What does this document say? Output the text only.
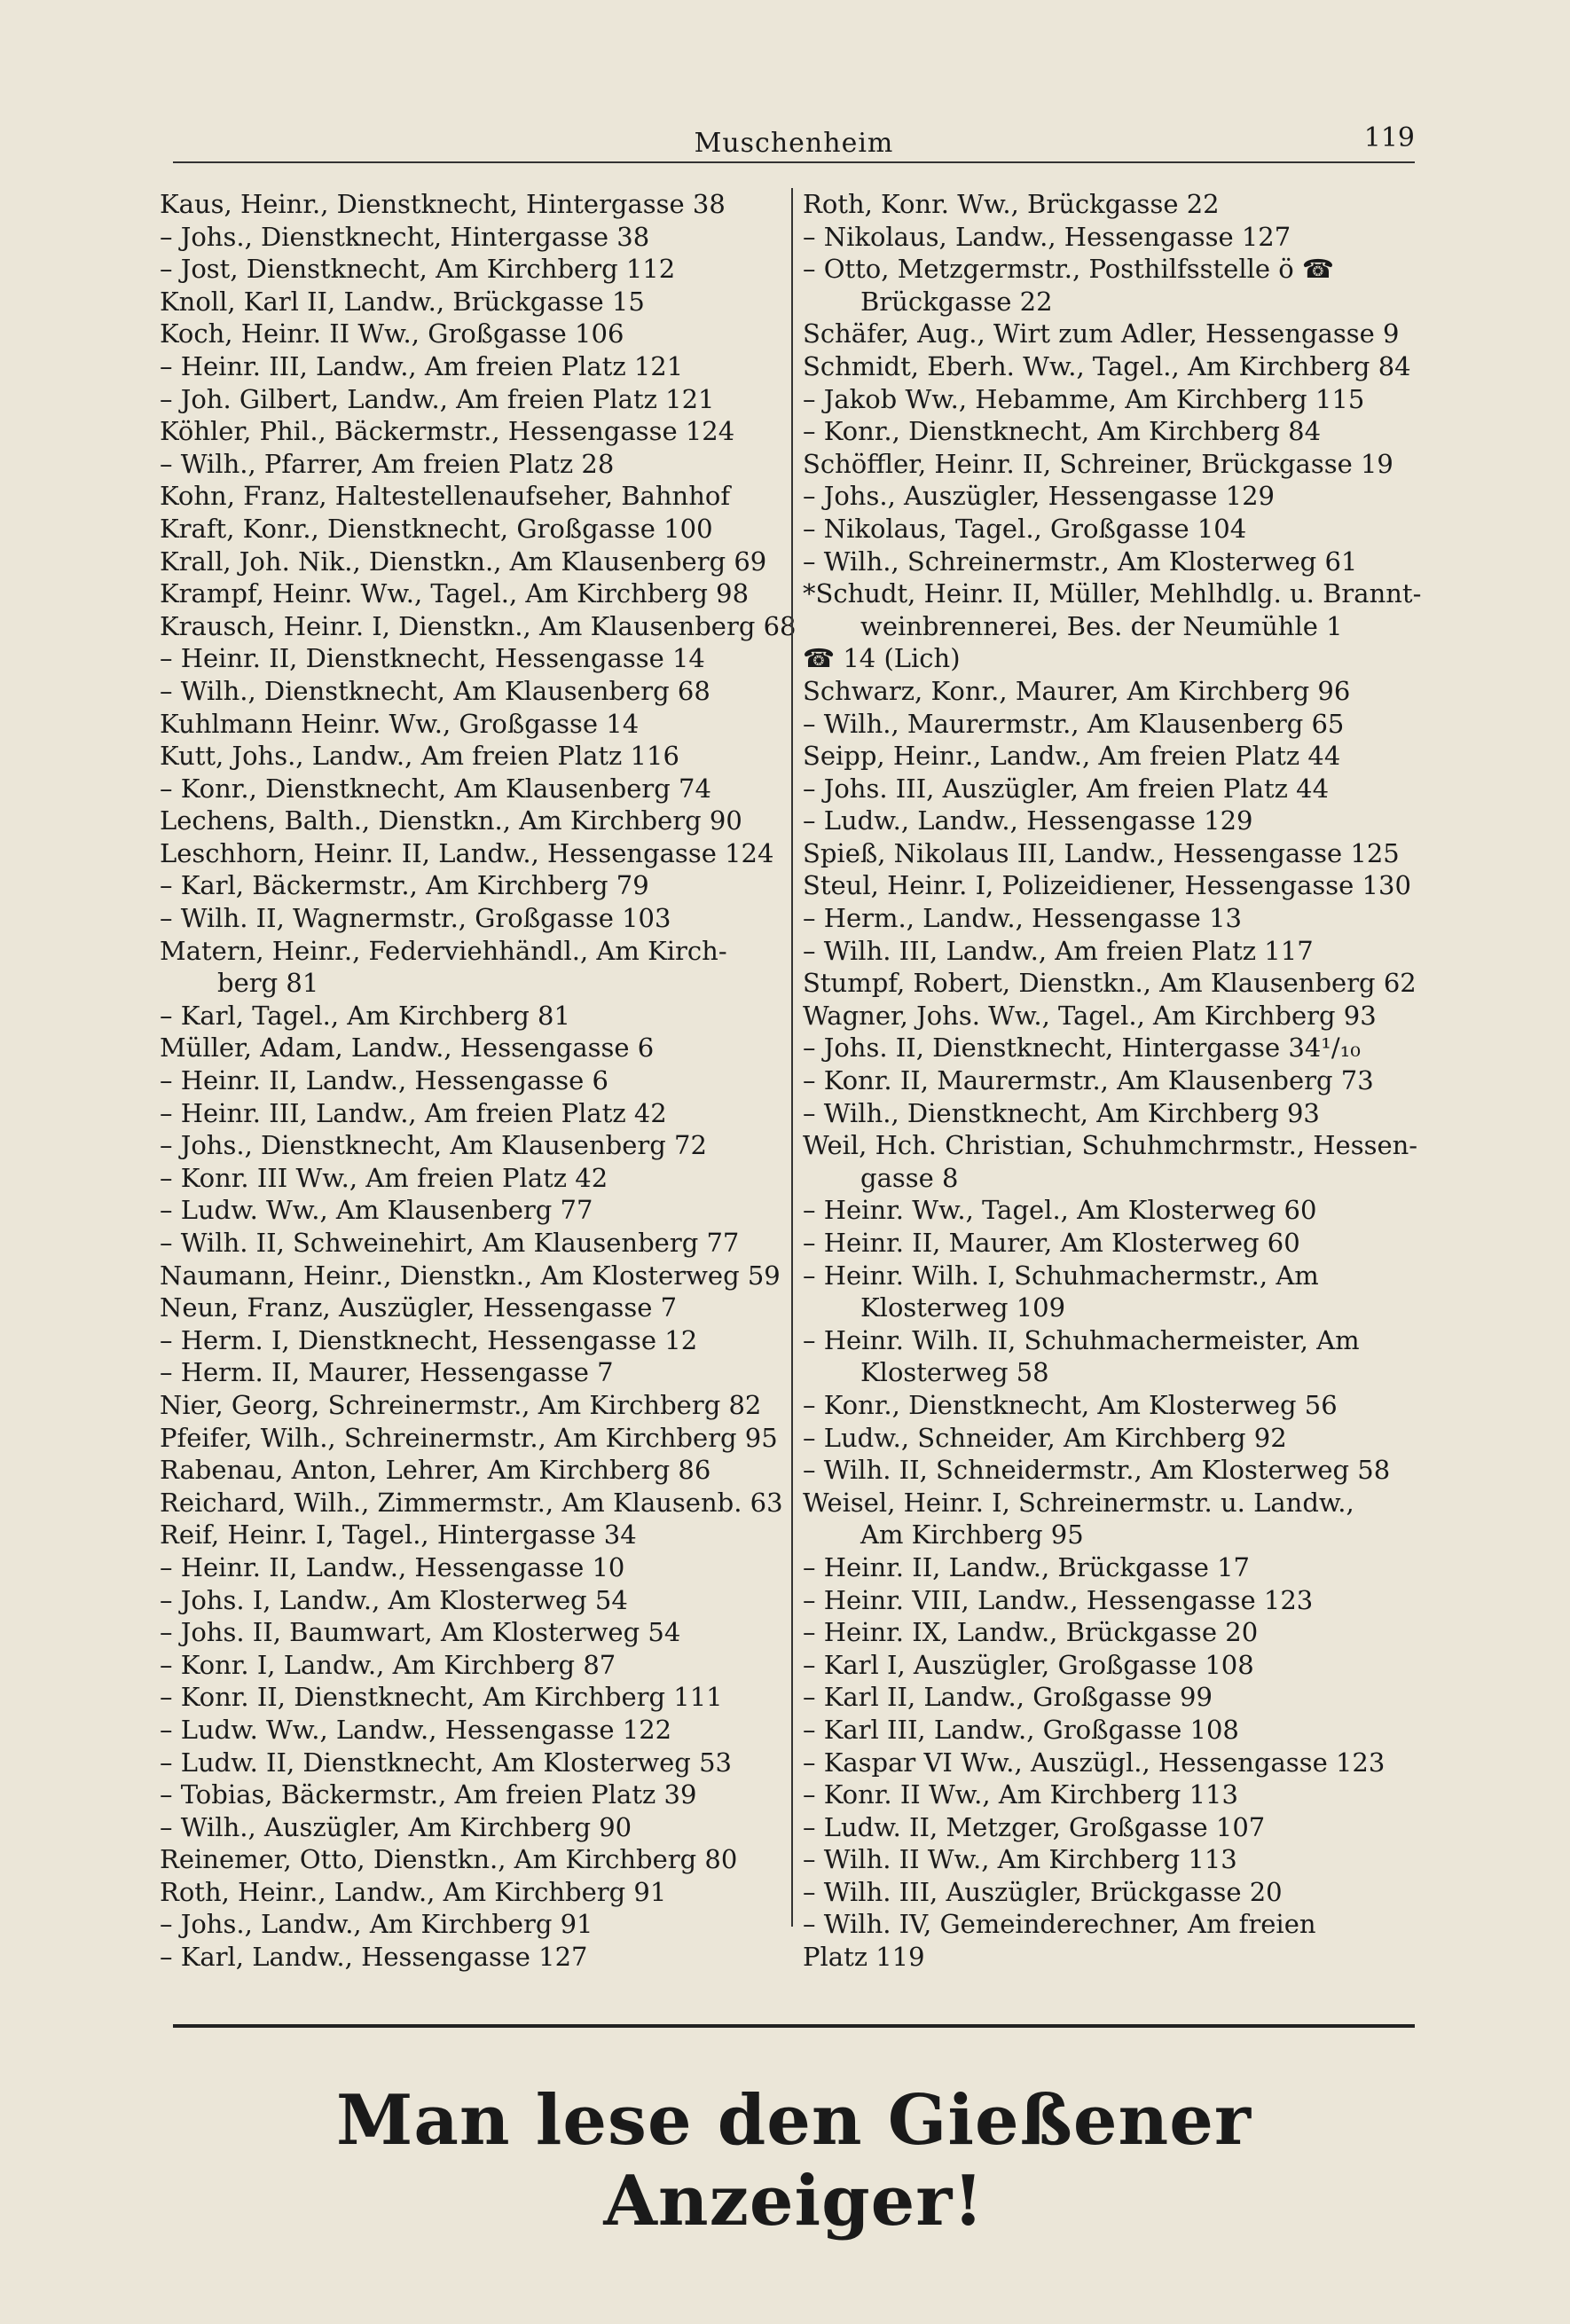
Muschenheim	119
Kaus, Heinr., Dienstknecht, Hintergasse 38
– Johs., Dienstknecht, Hintergasse 38
– Jost, Dienstknecht, Am Kirchberg 112
Knoll, Karl II, Landw., Brückgasse 15
Koch, Heinr. II Ww., Großgasse 106
– Heinr. III, Landw., Am freien Platz 121
– Joh. Gilbert, Landw., Am freien Platz 121
Köhler, Phil., Bäckermstr., Hessengasse 124
– Wilh., Pfarrer, Am freien Platz 28
Kohn, Franz, Haltestellenaufseher, Bahnhof
Kraft, Konr., Dienstknecht, Großgasse 100
Krall, Joh. Nik., Dienstkn., Am Klausenberg 69
Krampf, Heinr. Ww., Tagel., Am Kirchberg 98
Krausch, Heinr. I, Dienstkn., Am Klausenberg 68
– Heinr. II, Dienstknecht, Hessengasse 14
– Wilh., Dienstknecht, Am Klausenberg 68
Kuhlmann Heinr. Ww., Großgasse 14
Kutt, Johs., Landw., Am freien Platz 116
– Konr., Dienstknecht, Am Klausenberg 74
Lechens, Balth., Dienstkn., Am Kirchberg 90
Leschhorn, Heinr. II, Landw., Hessengasse 124
– Karl, Bäckermstr., Am Kirchberg 79
– Wilh. II, Wagnermstr., Großgasse 103
Matern, Heinr., Federviehhändl., Am Kirch-
berg 81
– Karl, Tagel., Am Kirchberg 81
Müller, Adam, Landw., Hessengasse 6
– Heinr. II, Landw., Hessengasse 6
– Heinr. III, Landw., Am freien Platz 42
– Johs., Dienstknecht, Am Klausenberg 72
– Konr. III Ww., Am freien Platz 42
– Ludw. Ww., Am Klausenberg 77
– Wilh. II, Schweinehirt, Am Klausenberg 77
Naumann, Heinr., Dienstkn., Am Klosterweg 59
Neun, Franz, Auszügler, Hessengasse 7
– Herm. I, Dienstknecht, Hessengasse 12
– Herm. II, Maurer, Hessengasse 7
Nier, Georg, Schreinermstr., Am Kirchberg 82
Pfeifer, Wilh., Schreinermstr., Am Kirchberg 95
Rabenau, Anton, Lehrer, Am Kirchberg 86
Reichard, Wilh., Zimmermstr., Am Klausenb. 63
Reif, Heinr. I, Tagel., Hintergasse 34
– Heinr. II, Landw., Hessengasse 10
– Johs. I, Landw., Am Klosterweg 54
– Johs. II, Baumwart, Am Klosterweg 54
– Konr. I, Landw., Am Kirchberg 87
– Konr. II, Dienstknecht, Am Kirchberg 111
– Ludw. Ww., Landw., Hessengasse 122
– Ludw. II, Dienstknecht, Am Klosterweg 53
– Tobias, Bäckermstr., Am freien Platz 39
– Wilh., Auszügler, Am Kirchberg 90
Reinemer, Otto, Dienstkn., Am Kirchberg 80
Roth, Heinr., Landw., Am Kirchberg 91
– Johs., Landw., Am Kirchberg 91
– Karl, Landw., Hessengasse 127
Roth, Konr. Ww., Brückgasse 22
– Nikolaus, Landw., Hessengasse 127
– Otto, Metzgermstr., Posthilfsstelle ö ☎
Brückgasse 22
Schäfer, Aug., Wirt zum Adler, Hessengasse 9
Schmidt, Eberh. Ww., Tagel., Am Kirchberg 84
– Jakob Ww., Hebamme, Am Kirchberg 115
– Konr., Dienstknecht, Am Kirchberg 84
Schöffler, Heinr. II, Schreiner, Brückgasse 19
– Johs., Auszügler, Hessengasse 129
– Nikolaus, Tagel., Großgasse 104
– Wilh., Schreinermstr., Am Klosterweg 61
*Schudt, Heinr. II, Müller, Mehlhdlg. u. Brannt-
weinbrennerei, Bes. der Neumühle 1
☎ 14 (Lich)
Schwarz, Konr., Maurer, Am Kirchberg 96
– Wilh., Maurermstr., Am Klausenberg 65
Seipp, Heinr., Landw., Am freien Platz 44
– Johs. III, Auszügler, Am freien Platz 44
– Ludw., Landw., Hessengasse 129
Spieß, Nikolaus III, Landw., Hessengasse 125
Steul, Heinr. I, Polizeidiener, Hessengasse 130
– Herm., Landw., Hessengasse 13
– Wilh. III, Landw., Am freien Platz 117
Stumpf, Robert, Dienstkn., Am Klausenberg 62
Wagner, Johs. Ww., Tagel., Am Kirchberg 93
– Johs. II, Dienstknecht, Hintergasse 34¹/₁₀
– Konr. II, Maurermstr., Am Klausenberg 73
– Wilh., Dienstknecht, Am Kirchberg 93
Weil, Hch. Christian, Schuhmchrmstr., Hessen-
gasse 8
– Heinr. Ww., Tagel., Am Klosterweg 60
– Heinr. II, Maurer, Am Klosterweg 60
– Heinr. Wilh. I, Schuhmachermstr., Am
Klosterweg 109
– Heinr. Wilh. II, Schuhmachermeister, Am
Klosterweg 58
– Konr., Dienstknecht, Am Klosterweg 56
– Ludw., Schneider, Am Kirchberg 92
– Wilh. II, Schneidermstr., Am Klosterweg 58
Weisel, Heinr. I, Schreinermstr. u. Landw.,
Am Kirchberg 95
– Heinr. II, Landw., Brückgasse 17
– Heinr. VIII, Landw., Hessengasse 123
– Heinr. IX, Landw., Brückgasse 20
– Karl I, Auszügler, Großgasse 108
– Karl II, Landw., Großgasse 99
– Karl III, Landw., Großgasse 108
– Kaspar VI Ww., Auszügl., Hessengasse 123
– Konr. II Ww., Am Kirchberg 113
– Ludw. II, Metzger, Großgasse 107
– Wilh. II Ww., Am Kirchberg 113
– Wilh. III, Auszügler, Brückgasse 20
– Wilh. IV, Gemeinderechner, Am freien
Platz 119
Man lese den Gießener Anzeiger!
